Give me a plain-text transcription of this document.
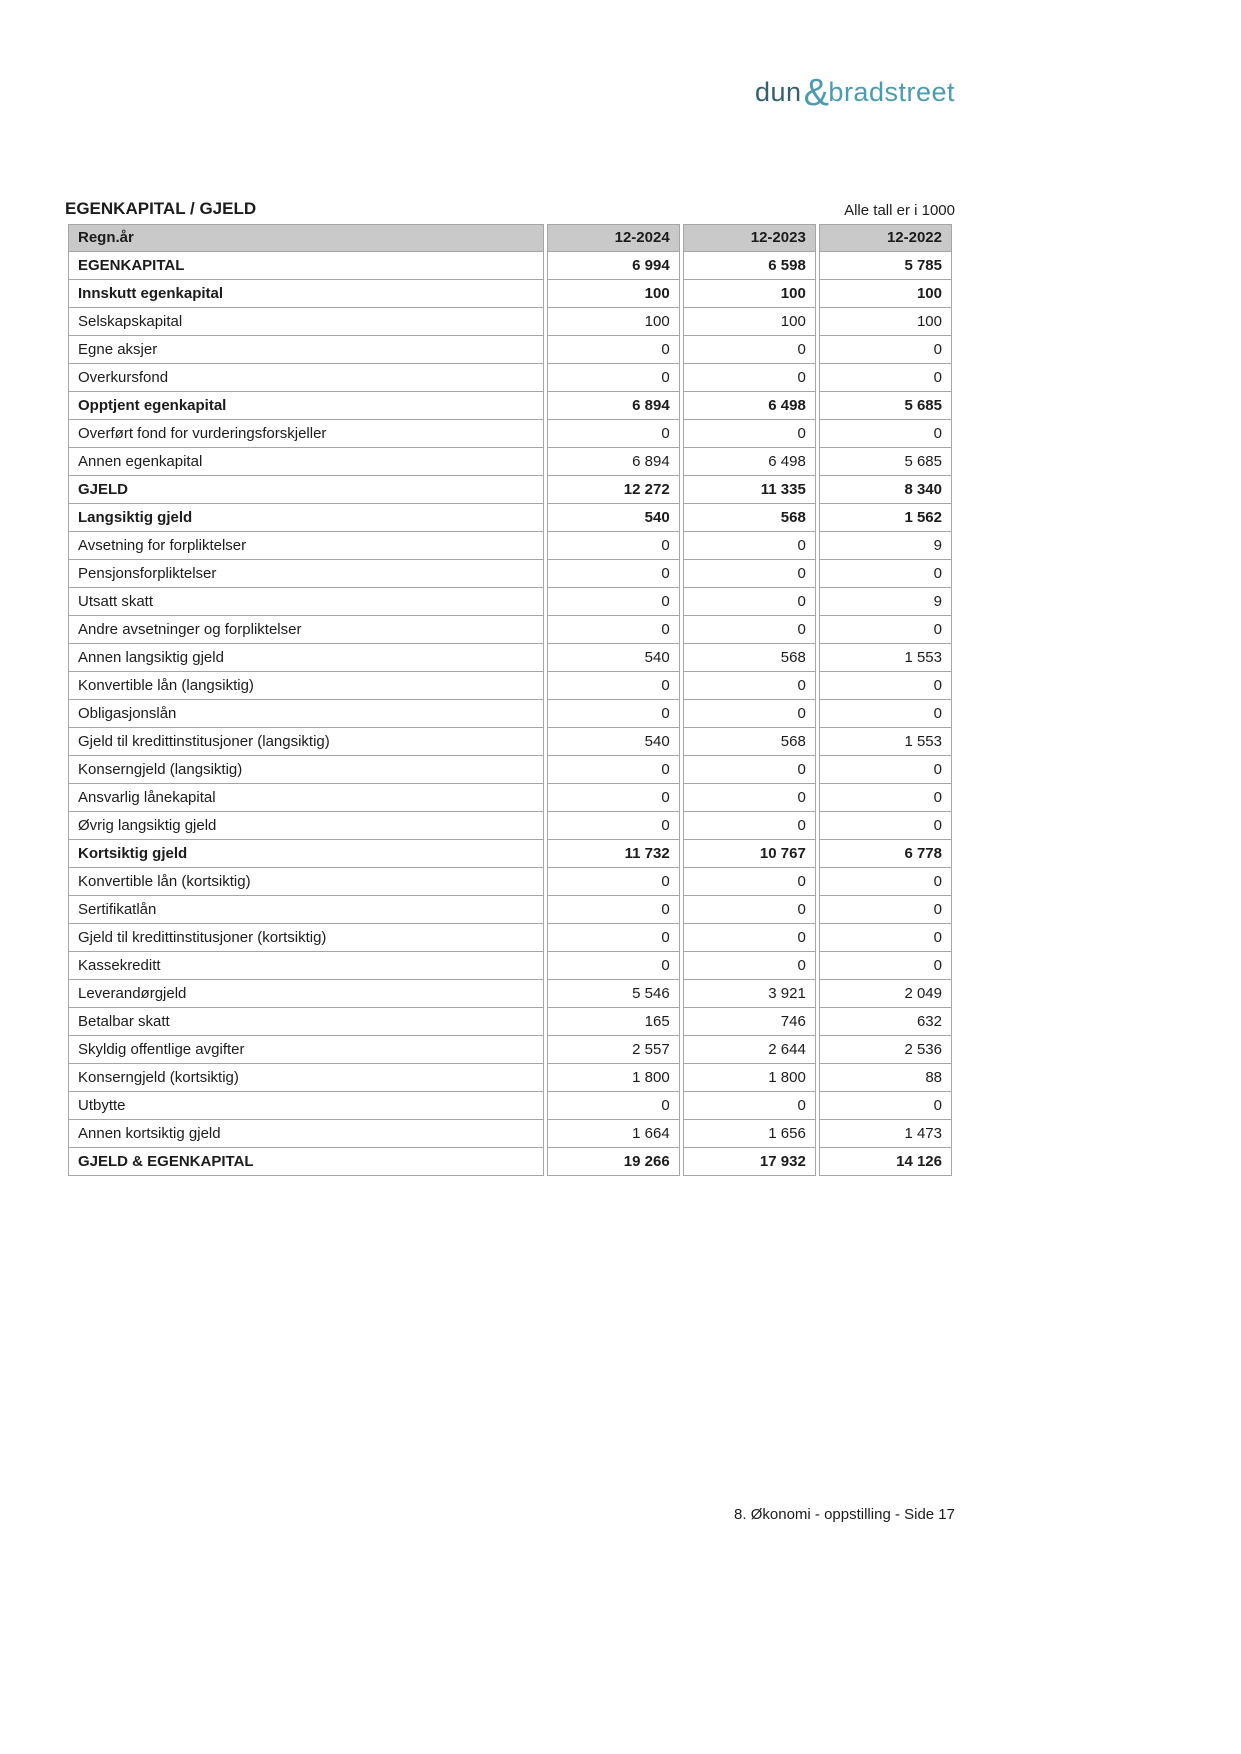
dun&bradstreet
EGENKAPITAL / GJELD	Alle tall er i 1000
Regn.år	12-2024	12-2023	12-2022
EGENKAPITAL	6 994	6 598	5 785
Innskutt egenkapital	100	100	100
Selskapskapital	100	100	100
Egne aksjer	0	0	0
Overkursfond	0	0	0
Opptjent egenkapital	6 894	6 498	5 685
Overført fond for vurderingsforskjeller	0	0	0
Annen egenkapital	6 894	6 498	5 685
GJELD	12 272	11 335	8 340
Langsiktig gjeld	540	568	1 562
Avsetning for forpliktelser	0	0	9
Pensjonsforpliktelser	0	0	0
Utsatt skatt	0	0	9
Andre avsetninger og forpliktelser	0	0	0
Annen langsiktig gjeld	540	568	1 553
Konvertible lån (langsiktig)	0	0	0
Obligasjonslån	0	0	0
Gjeld til kredittinstitusjoner (langsiktig)	540	568	1 553
Konserngjeld (langsiktig)	0	0	0
Ansvarlig lånekapital	0	0	0
Øvrig langsiktig gjeld	0	0	0
Kortsiktig gjeld	11 732	10 767	6 778
Konvertible lån (kortsiktig)	0	0	0
Sertifikatlån	0	0	0
Gjeld til kredittinstitusjoner (kortsiktig)	0	0	0
Kassekreditt	0	0	0
Leverandørgjeld	5 546	3 921	2 049
Betalbar skatt	165	746	632
Skyldig offentlige avgifter	2 557	2 644	2 536
Konserngjeld (kortsiktig)	1 800	1 800	88
Utbytte	0	0	0
Annen kortsiktig gjeld	1 664	1 656	1 473
GJELD & EGENKAPITAL	19 266	17 932	14 126
8. Økonomi - oppstilling - Side 17
